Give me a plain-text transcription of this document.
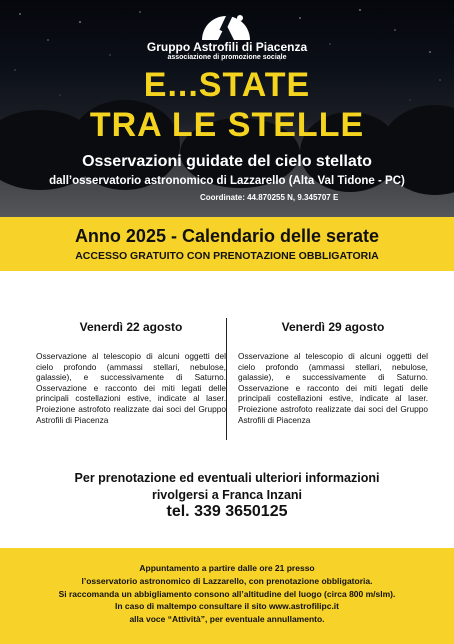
Gruppo Astrofili di Piacenza
associazione di promozione sociale
E...STATE
TRA LE STELLE
Osservazioni guidate del cielo stellato
dall’osservatorio astronomico di Lazzarello (Alta Val Tidone - PC)
Coordinate: 44.870255 N, 9.345707 E
Anno 2025 - Calendario delle serate
ACCESSO GRATUITO CON PRENOTAZIONE OBBLIGATORIA

Venerdì 22 agosto

Osservazione al telescopio di alcuni oggetti del cielo profondo (ammassi stellari, nebulose, galassie), e successivamente di Saturno. Osservazione e racconto dei miti legati delle principali costellazioni estive, indicate al laser. Proiezione astrofoto realizzate dai soci del Gruppo Astrofili di Piacenza

Venerdì 29 agosto

Osservazione al telescopio di alcuni oggetti del cielo profondo (ammassi stellari, nebulose, galassie), e successivamente di Saturno. Osservazione e racconto dei miti legati delle principali costellazioni estive, indicate al laser. Proiezione astrofoto realizzate dai soci del Gruppo Astrofili di Piacenza

Per prenotazione ed eventuali ulteriori informazioni
rivolgersi a Franca Inzani
tel. 339 3650125
Appuntamento a partire dalle ore 21 presso
l’osservatorio astronomico di Lazzarello, con prenotazione obbligatoria.
Si raccomanda un abbigliamento consono all’altitudine del luogo (circa 800 m/slm).
In caso di maltempo consultare il sito www.astrofilipc.it
alla voce “Attività”, per eventuale annullamento.
